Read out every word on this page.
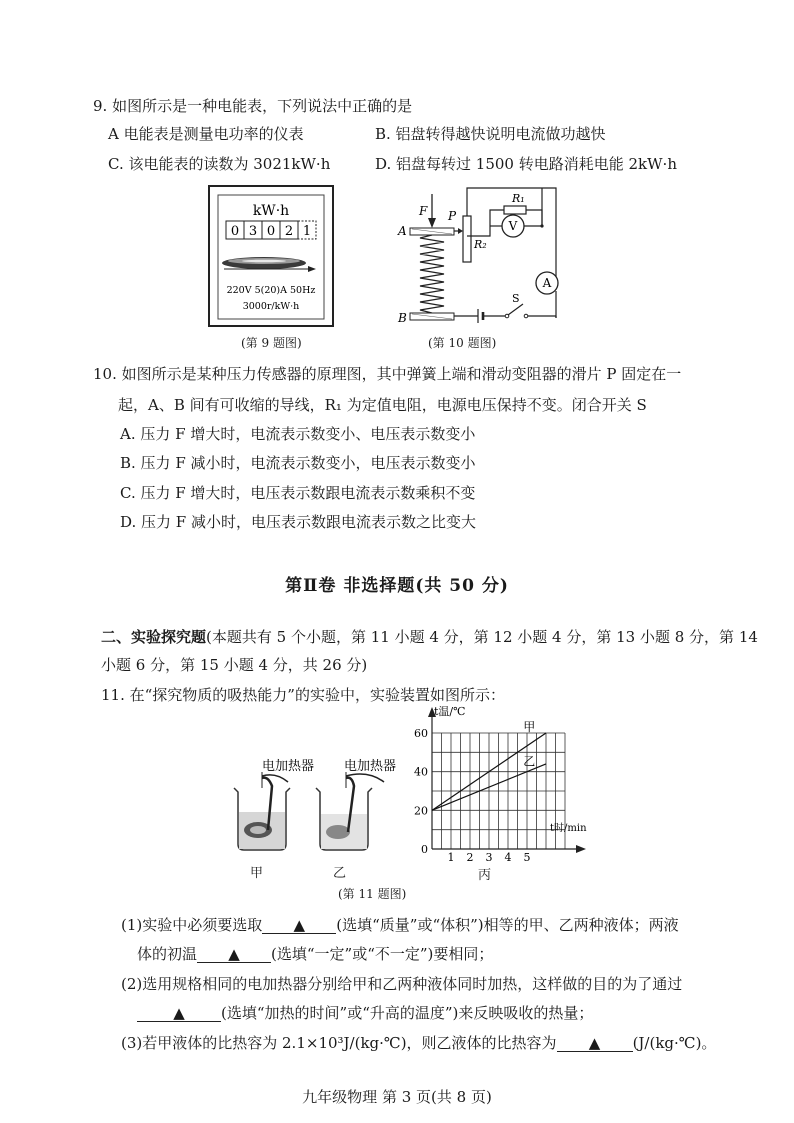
9. 如图所示是一种电能表，下列说法中正确的是
A 电能表是测量电功率的仪表	B. 铝盘转得越快说明电流做功越快
C. 该电能表的读数为 3021kW·h	D. 铝盘每转过 1500 转电路消耗电能 2kW·h
kW·h
0 3 0 2 1
220V 5(20)A 50Hz
3000r/kW·h
(第 9 题图)
F
A
B
P
R₂
R₁
V
A
S
(第 10 题图)
10. 如图所示是某种压力传感器的原理图，其中弹簧上端和滑动变阻器的滑片 P 固定在一
起，A、B 间有可收缩的导线，R₁ 为定值电阻，电源电压保持不变。闭合开关 S
A. 压力 F 增大时，电流表示数变小、电压表示数变小
B. 压力 F 减小时，电流表示数变小，电压表示数变小
C. 压力 F 增大时，电压表示数跟电流表示数乘积不变
D. 压力 F 减小时，电压表示数跟电流表示数之比变大
第Ⅱ卷 非选择题(共 50 分)
二、实验探究题(本题共有 5 个小题，第 11 小题 4 分，第 12 小题 4 分，第 13 小题 8 分，第 14
小题 6 分，第 15 小题 4 分，共 26 分)
11. 在“探究物质的吸热能力”的实验中，实验装置如图所示：
电加热器 电加热器
甲	乙
(第 11 题图)
0
20
40
60
1 2 3 4 5
t温/℃
t时/min
甲
乙
丙
(1)实验中必须要选取 ▲ (选填“质量”或“体积”)相等的甲、乙两种液体；两液
体的初温 ▲ (选填“一定”或“不一定”)要相同；
(2)选用规格相同的电加热器分别给甲和乙两种液体同时加热，这样做的目的为了通过
▲ (选填“加热的时间”或“升高的温度”)来反映吸收的热量；
(3)若甲液体的比热容为 2.1×10³J/(kg·℃)，则乙液体的比热容为 ▲ (J/(kg·℃)。
九年级物理 第 3 页(共 8 页)
